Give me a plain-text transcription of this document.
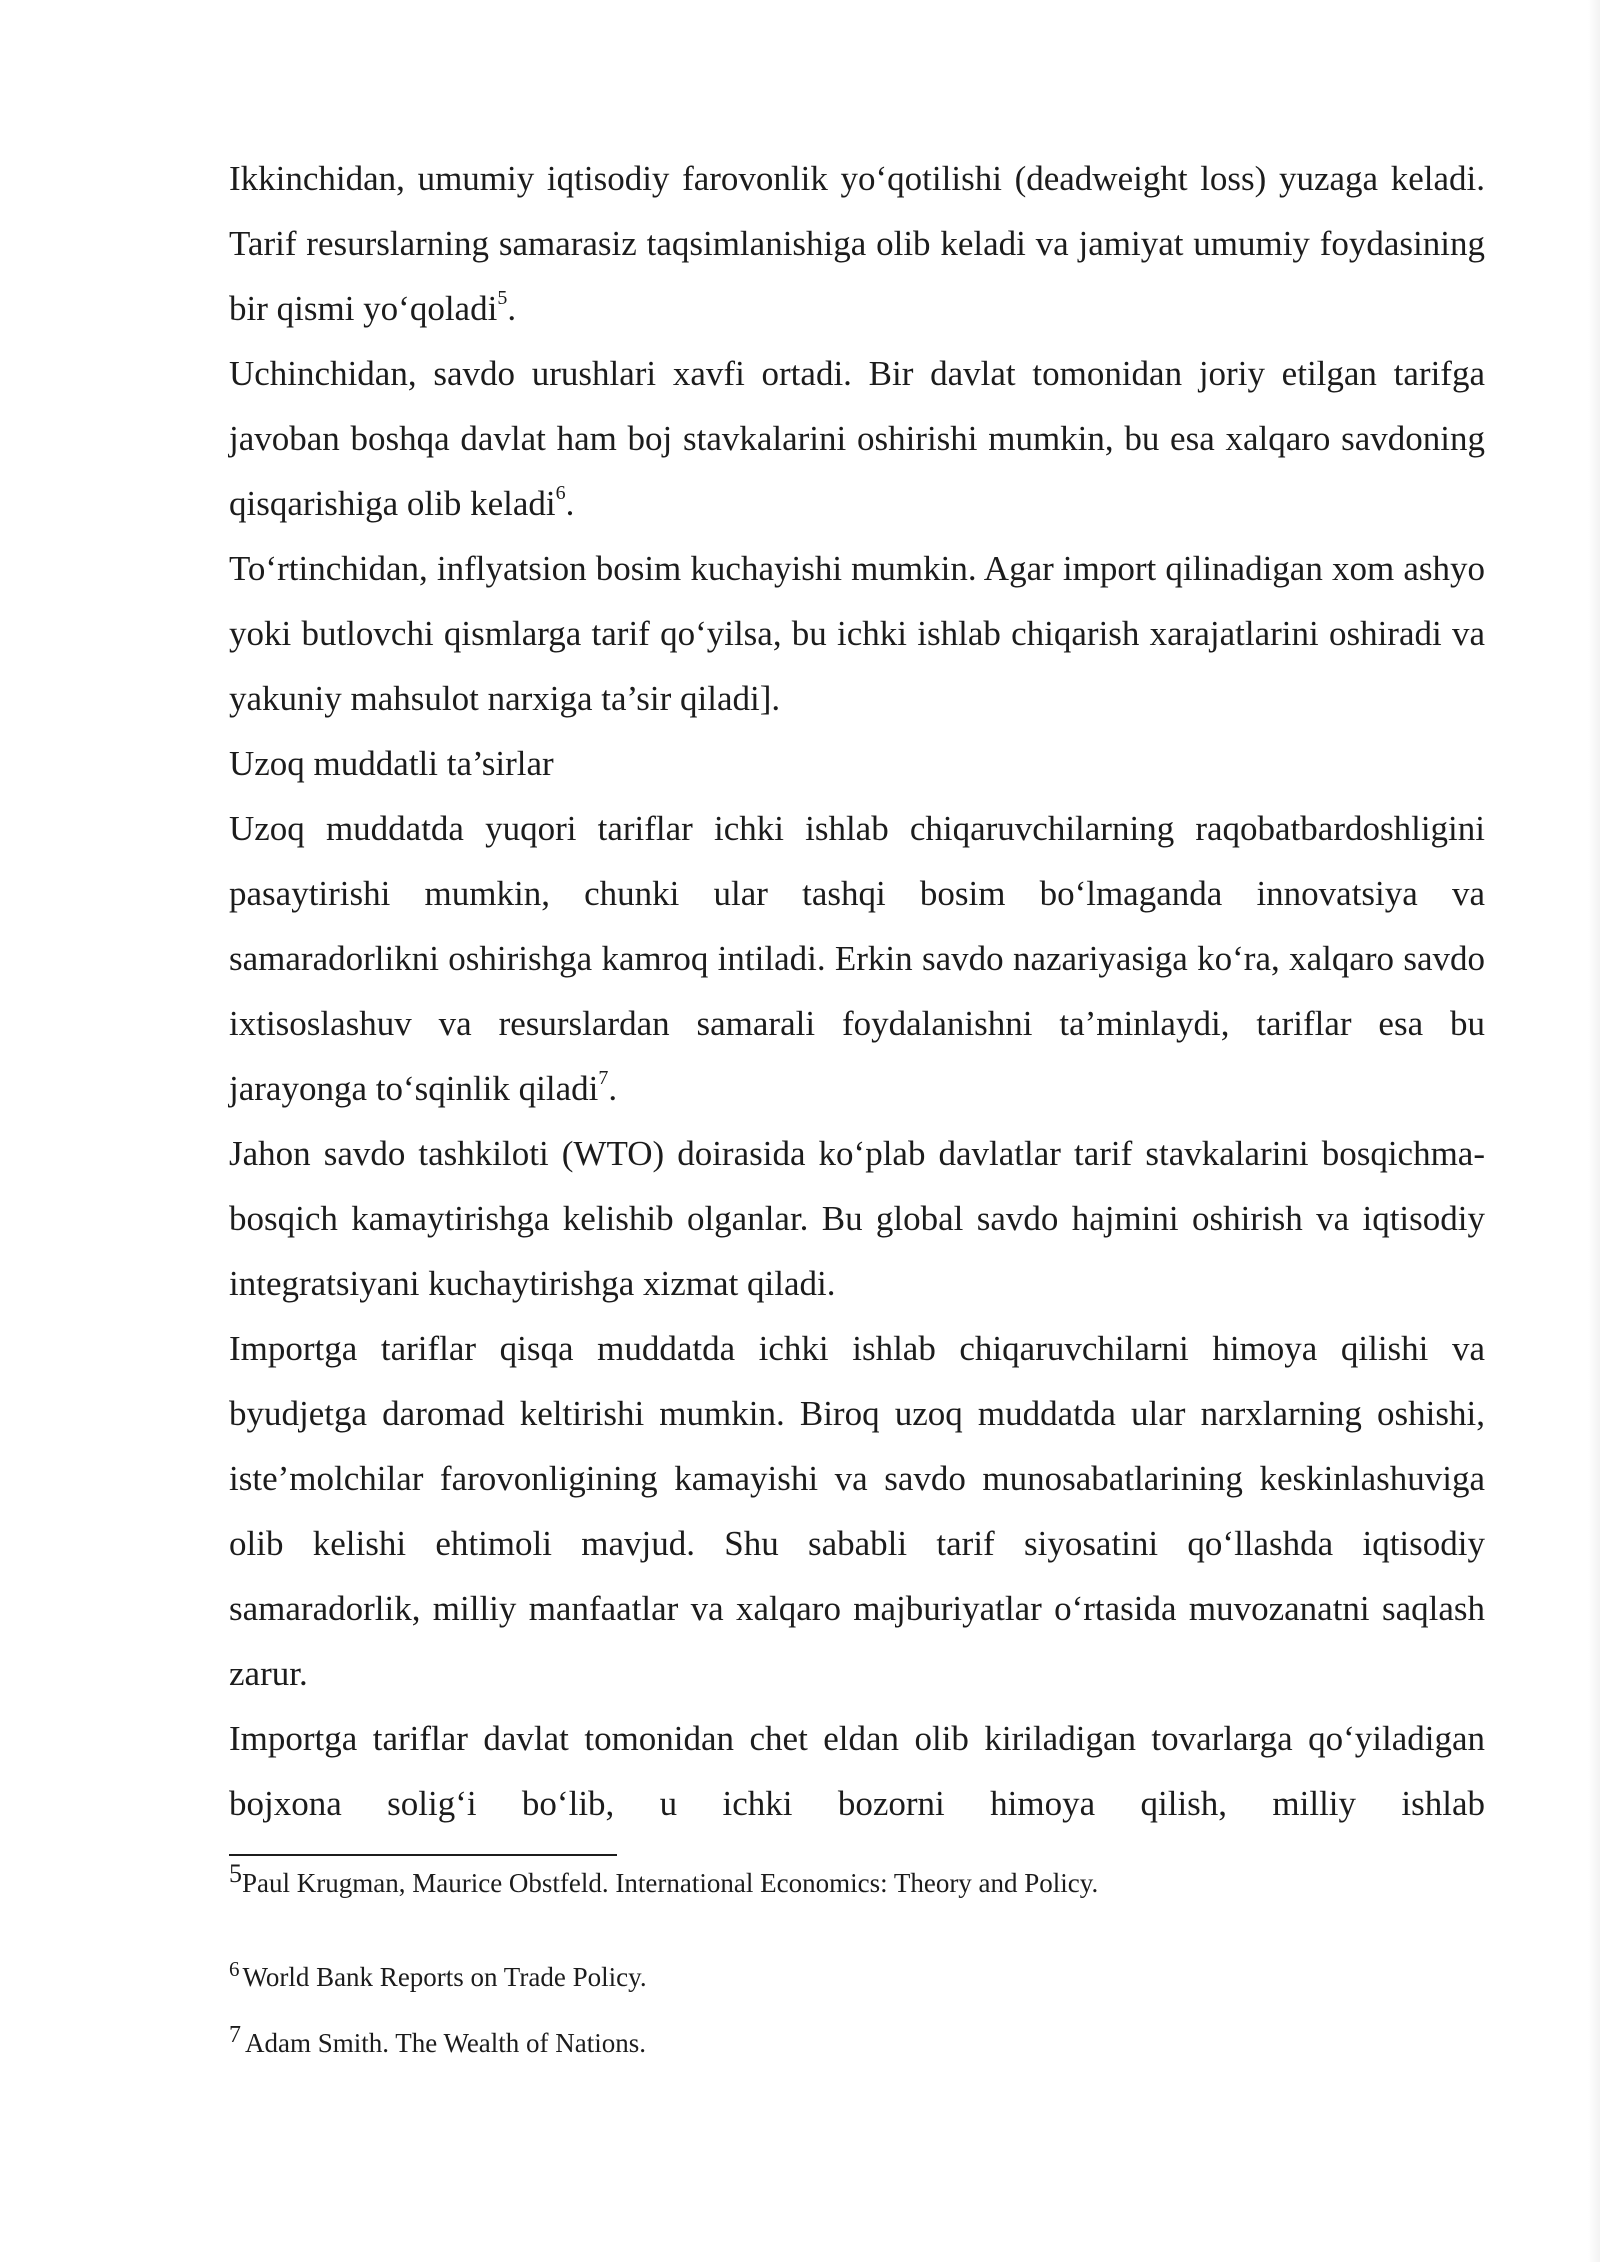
Ikkinchidan, umumiy iqtisodiy farovonlik yo‘qotilishi (deadweight loss) yuzaga keladi. Tarif resurslarning samarasiz taqsimlanishiga olib keladi va jamiyat umumiy foydasining bir qismi yo‘qoladi$^5$.

Uchinchidan, savdo urushlari xavfi ortadi. Bir davlat tomonidan joriy etilgan tarifga javoban boshqa davlat ham boj stavkalarini oshirishi mumkin, bu esa xalqaro savdoning qisqarishiga olib keladi$^6$.

To‘rtinchidan, inflyatsion bosim kuchayishi mumkin. Agar import qilinadigan xom ashyo yoki butlovchi qismlarga tarif qo‘yilsa, bu ichki ishlab chiqarish xarajatlarini oshiradi va yakuniy mahsulot narxiga ta’sir qiladi].

Uzoq muddatli ta’sirlar

Uzoq muddatda yuqori tariflar ichki ishlab chiqaruvchilarning raqobatbardoshligini pasaytirishi mumkin, chunki ular tashqi bosim bo‘lmaganda innovatsiya va samaradorlikni oshirishga kamroq intiladi. Erkin savdo nazariyasiga ko‘ra, xalqaro savdo ixtisoslashuv va resurslardan samarali foydalanishni ta’minlaydi, tariflar esa bu jarayonga to‘sqinlik qiladi$^7$.

Jahon savdo tashkiloti (WTO) doirasida ko‘plab davlatlar tarif stavkalarini bosqichma-bosqich kamaytirishga kelishib olganlar. Bu global savdo hajmini oshirish va iqtisodiy integratsiyani kuchaytirishga xizmat qiladi.

Importga tariflar qisqa muddatda ichki ishlab chiqaruvchilarni himoya qilishi va byudjetga daromad keltirishi mumkin. Biroq uzoq muddatda ular narxlarning oshishi, iste’molchilar farovonligining kamayishi va savdo munosabatlarining keskinlashuviga olib kelishi ehtimoli mavjud. Shu sababli tarif siyosatini qo‘llashda iqtisodiy samaradorlik, milliy manfaatlar va xalqaro majburiyatlar o‘rtasida muvozanatni saqlash zarur.

Importga tariflar davlat tomonidan chet eldan olib kiriladigan tovarlarga qo‘yiladigan bojxona solig‘i bo‘lib, u ichki bozorni himoya qilish, milliy ishlab

5Paul Krugman, Maurice Obstfeld. International Economics: Theory and Policy.
$^6$ World Bank Reports on Trade Policy.
7 Adam Smith. The Wealth of Nations.
